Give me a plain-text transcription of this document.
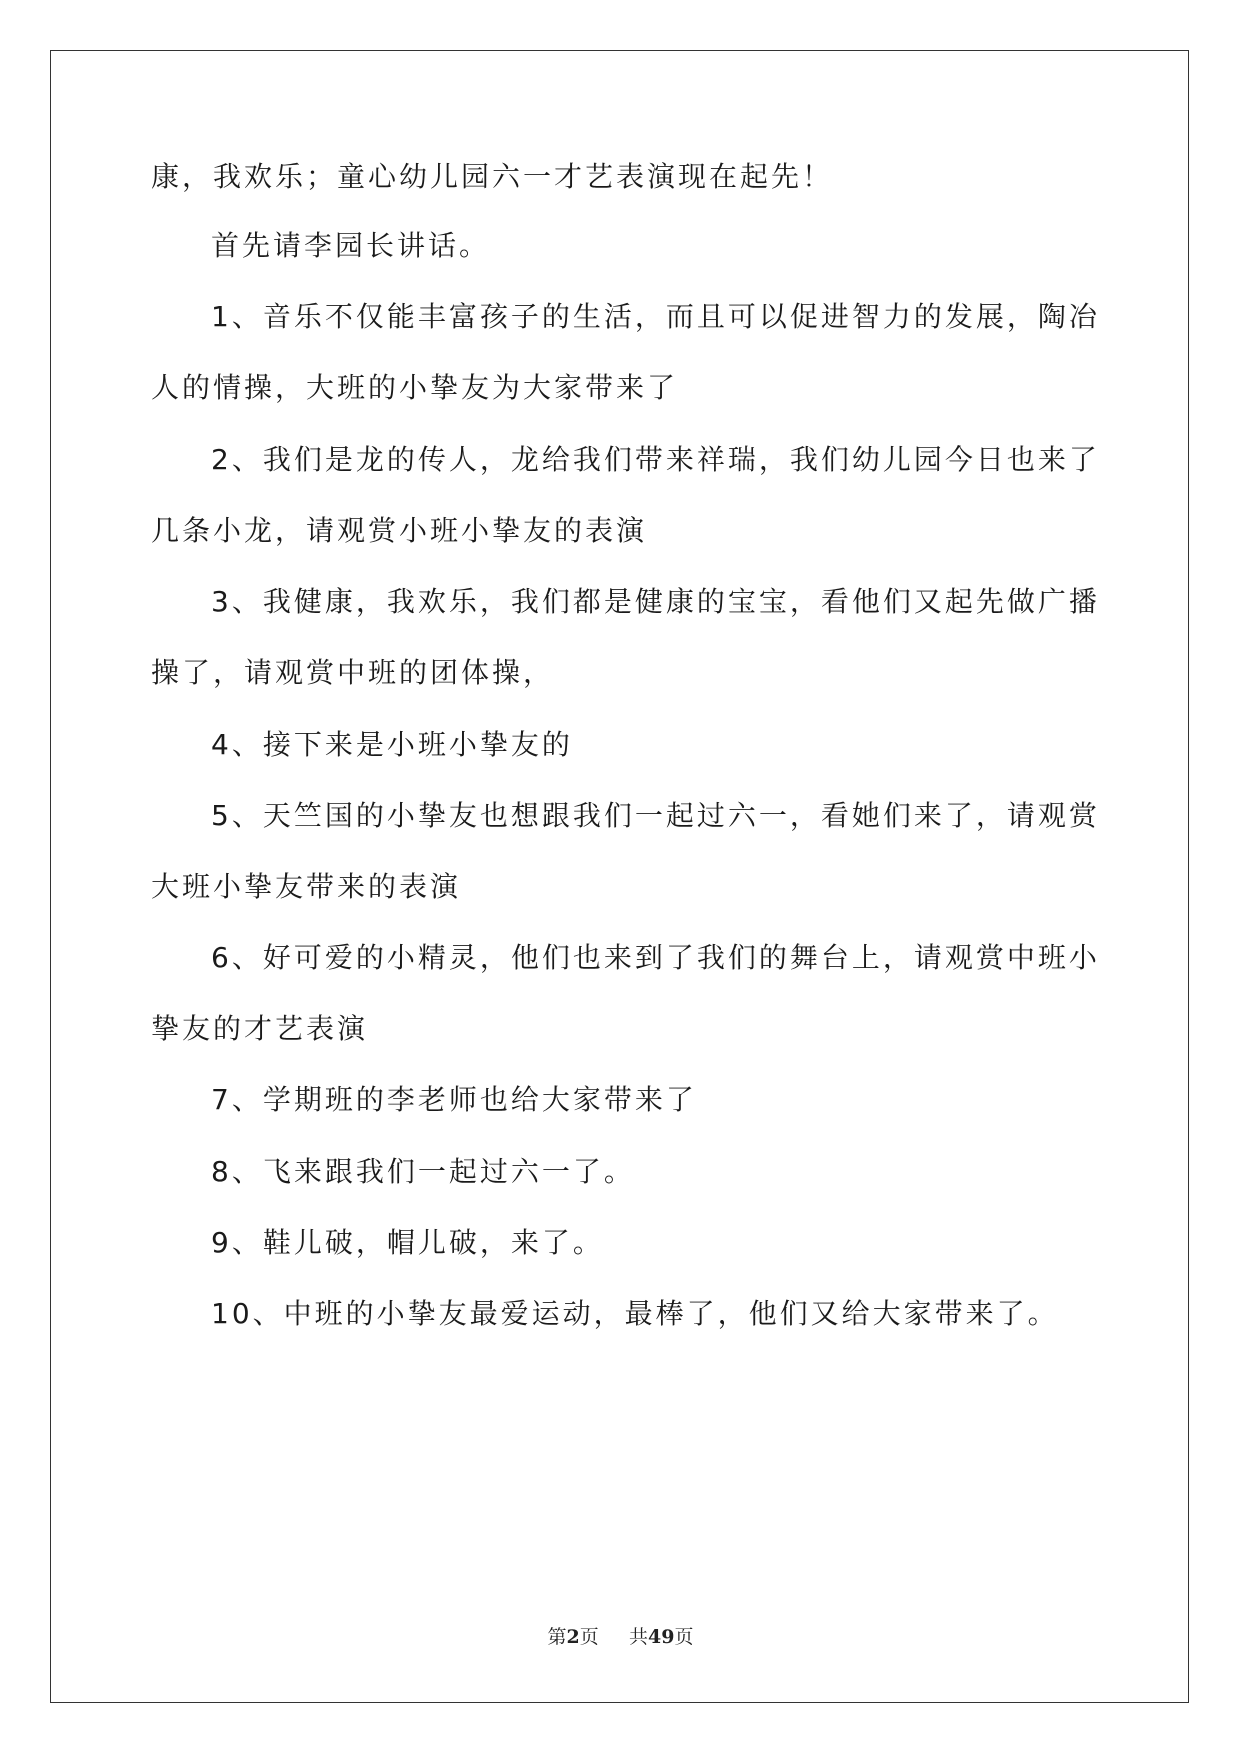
康，我欢乐；童心幼儿园六一才艺表演现在起先！
首先请李园长讲话。
1、音乐不仅能丰富孩子的生活，而且可以促进智力的发展，陶冶
人的情操，大班的小挚友为大家带来了
2、我们是龙的传人，龙给我们带来祥瑞，我们幼儿园今日也来了
几条小龙，请观赏小班小挚友的表演
3、我健康，我欢乐，我们都是健康的宝宝，看他们又起先做广播
操了，请观赏中班的团体操，
4、接下来是小班小挚友的
5、天竺国的小挚友也想跟我们一起过六一，看她们来了，请观赏
大班小挚友带来的表演
6、好可爱的小精灵，他们也来到了我们的舞台上，请观赏中班小
挚友的才艺表演
7、学期班的李老师也给大家带来了
8、飞来跟我们一起过六一了。
9、鞋儿破，帽儿破，来了。
10、中班的小挚友最爱运动，最棒了，他们又给大家带来了。
第2页 共49页
